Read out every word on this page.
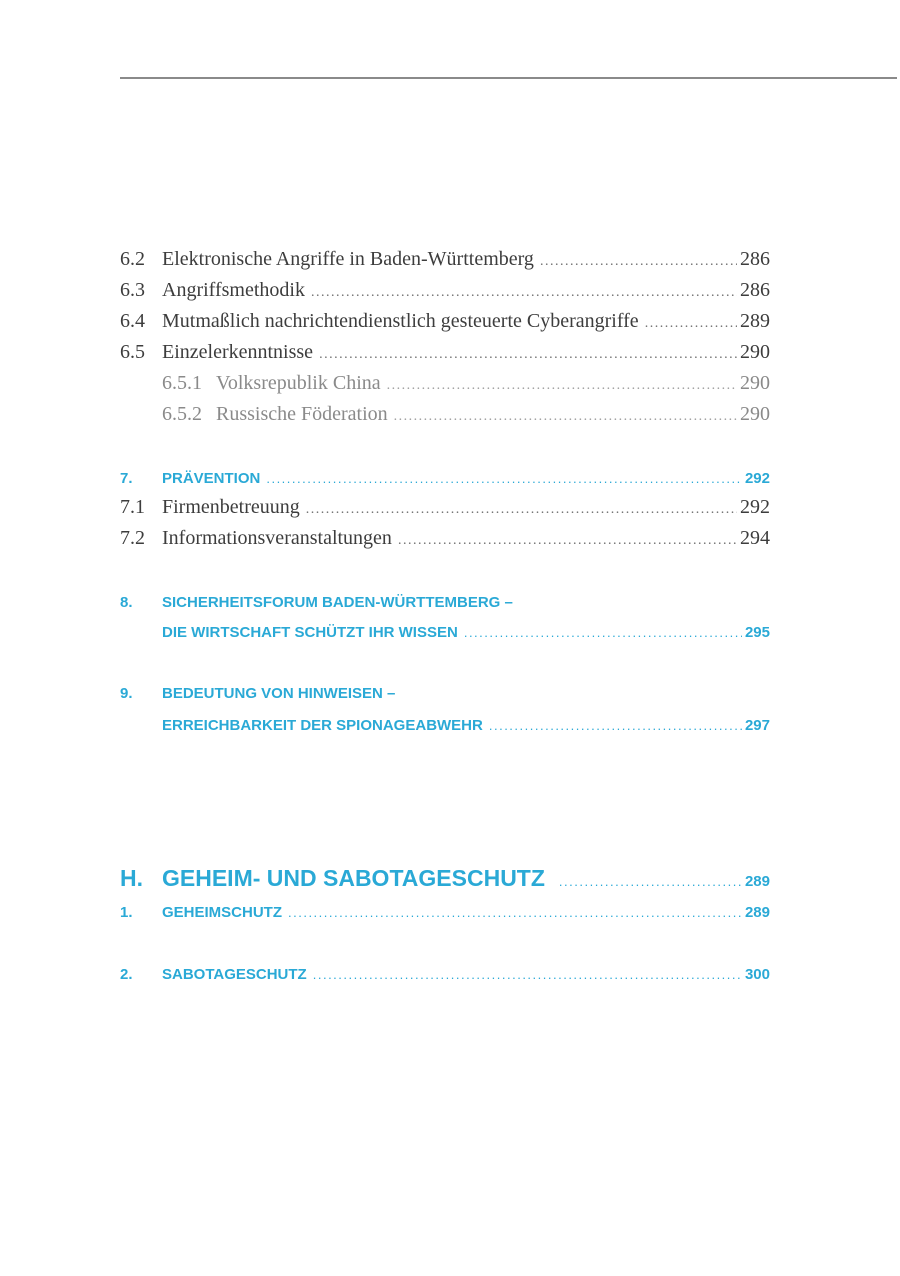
6.2 Elektronische Angriffe in Baden-Württemberg .....	286
6.3 Angriffsmethodik .....	286
6.4 Mutmaßlich nachrichtendienstlich gesteuerte Cyberangriffe .....	289
6.5 Einzelerkenntnisse .....	290
6.5.1 Volksrepublik China .....	290
6.5.2 Russische Föderation .....	290
7.	PRÄVENTION .....	292
7.1 Firmenbetreuung .....	292
7.2 Informationsveranstaltungen .....	294
8. SICHERHEITSFORUM BADEN-WÜRTTEMBERG –
DIE WIRTSCHAFT SCHÜTZT IHR WISSEN .....	295
9. BEDEUTUNG VON HINWEISEN –
ERREICHBARKEIT DER SPIONAGEABWEHR .....	297
H. GEHEIM- UND SABOTAGESCHUTZ .....	289
1.	GEHEIMSCHUTZ .....	289
2.	SABOTAGESCHUTZ .....	300
